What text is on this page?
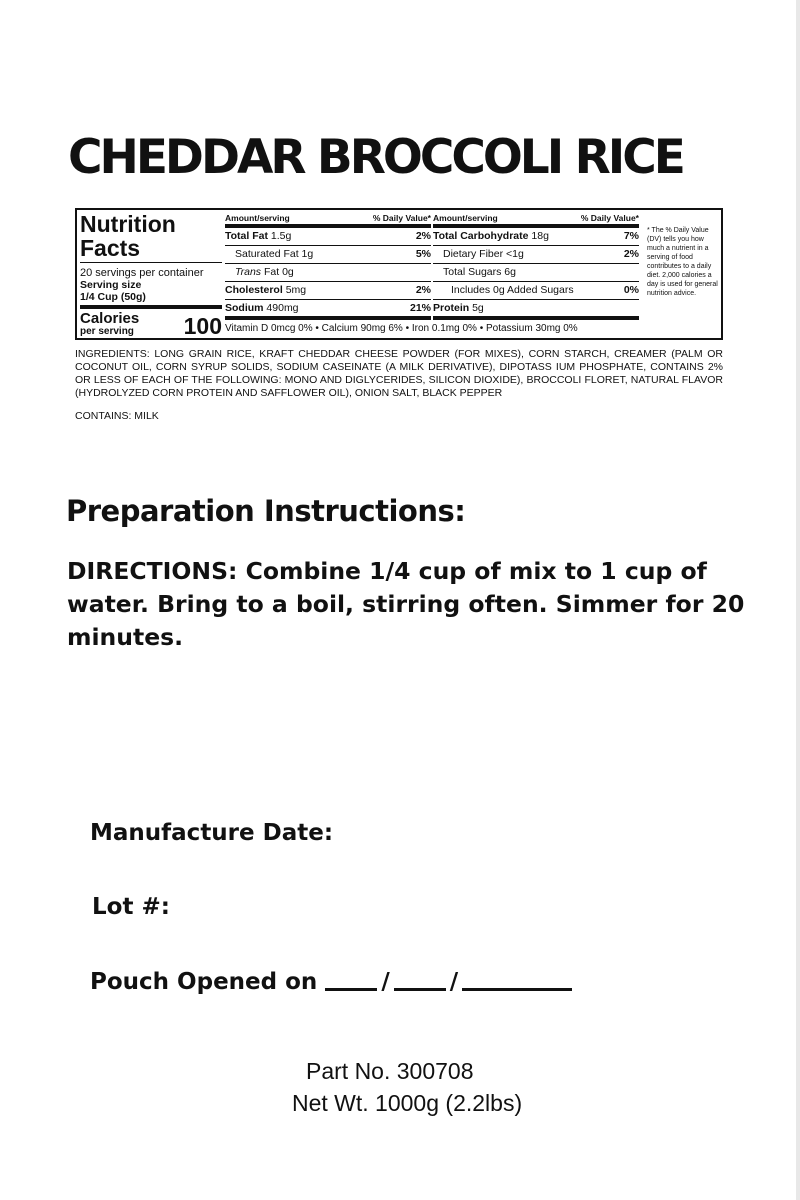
CHEDDAR BROCCOLI RICE
Nutrition
Facts
20 servings per container
Serving size
1/4 Cup (50g)
Calories
per serving 100
Amount/serving	% Daily Value*
Total Fat 1.5g	2%
Saturated Fat 1g	5%
Trans Fat 0g
Cholesterol 5mg	2%
Sodium 490mg	21%
Amount/serving	% Daily Value*
Total Carbohydrate 18g	7%
Dietary Fiber <1g	2%
Total Sugars 6g
Includes 0g Added Sugars	0%
Protein 5g
Vitamin D 0mcg 0% • Calcium 90mg 6% • Iron 0.1mg 0% • Potassium 30mg 0%
* The % Daily Value (DV) tells you how much a nutrient in a serving of food contributes to a daily diet. 2,000 calories a day is used for general nutrition advice.
INGREDIENTS: LONG GRAIN RICE, KRAFT CHEDDAR CHEESE POWDER (FOR MIXES), CORN STARCH, CREAMER (PALM OR COCONUT OIL, CORN SYRUP SOLIDS, SODIUM CASEINATE (A MILK DERIVATIVE), DIPOTASS IUM PHOSPHATE, CONTAINS 2% OR LESS OF EACH OF THE FOLLOWING: MONO AND DIGLYCERIDES, SILICON DIOXIDE), BROCCOLI FLORET, NATURAL FLAVOR (HYDROLYZED CORN PROTEIN AND SAFFLOWER OIL), ONION SALT, BLACK PEPPER
CONTAINS: MILK
Preparation Instructions:
DIRECTIONS: Combine 1/4 cup of mix to 1 cup of water. Bring to a boil, stirring often. Simmer for 20 minutes.
Manufacture Date:
Lot #:
Pouch Opened on	/	/
Part No. 300708
Net Wt. 1000g (2.2lbs)
